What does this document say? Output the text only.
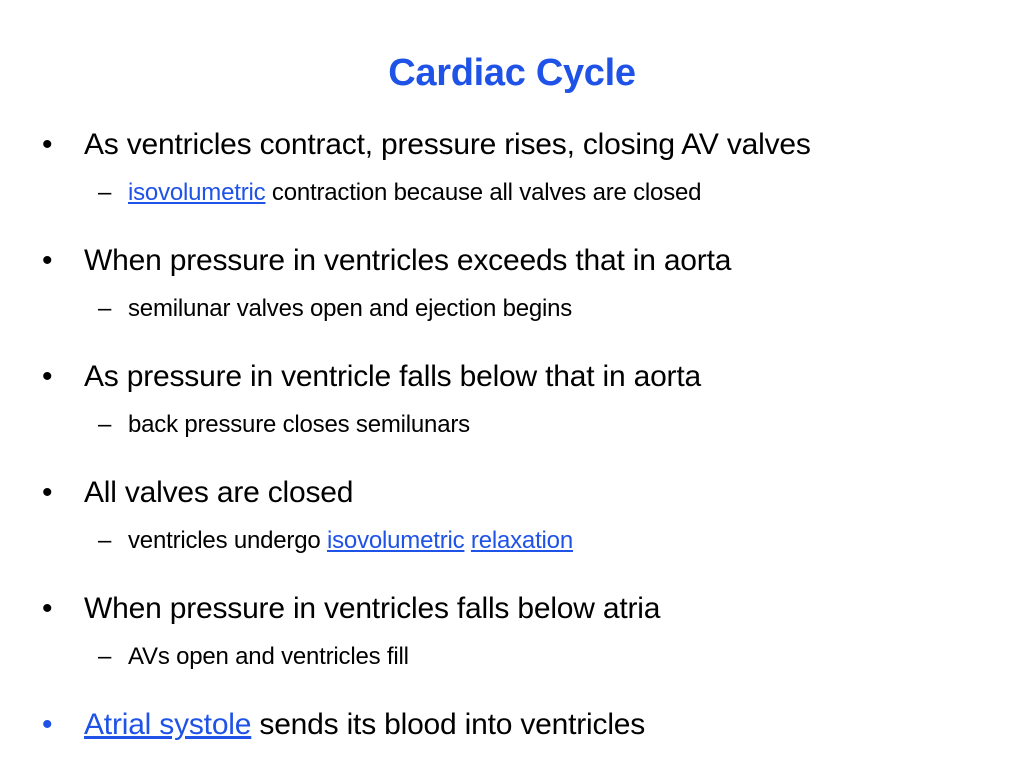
Cardiac Cycle
• As ventricles contract, pressure rises, closing AV valves
– isovolumetric contraction because all valves are closed
• When pressure in ventricles exceeds that in aorta
– semilunar valves open and ejection begins
• As pressure in ventricle falls below that in aorta
– back pressure closes semilunars
• All valves are closed
– ventricles undergo isovolumetric relaxation
• When pressure in ventricles falls below atria
– AVs open and ventricles fill
• Atrial systole sends its blood into ventricles
